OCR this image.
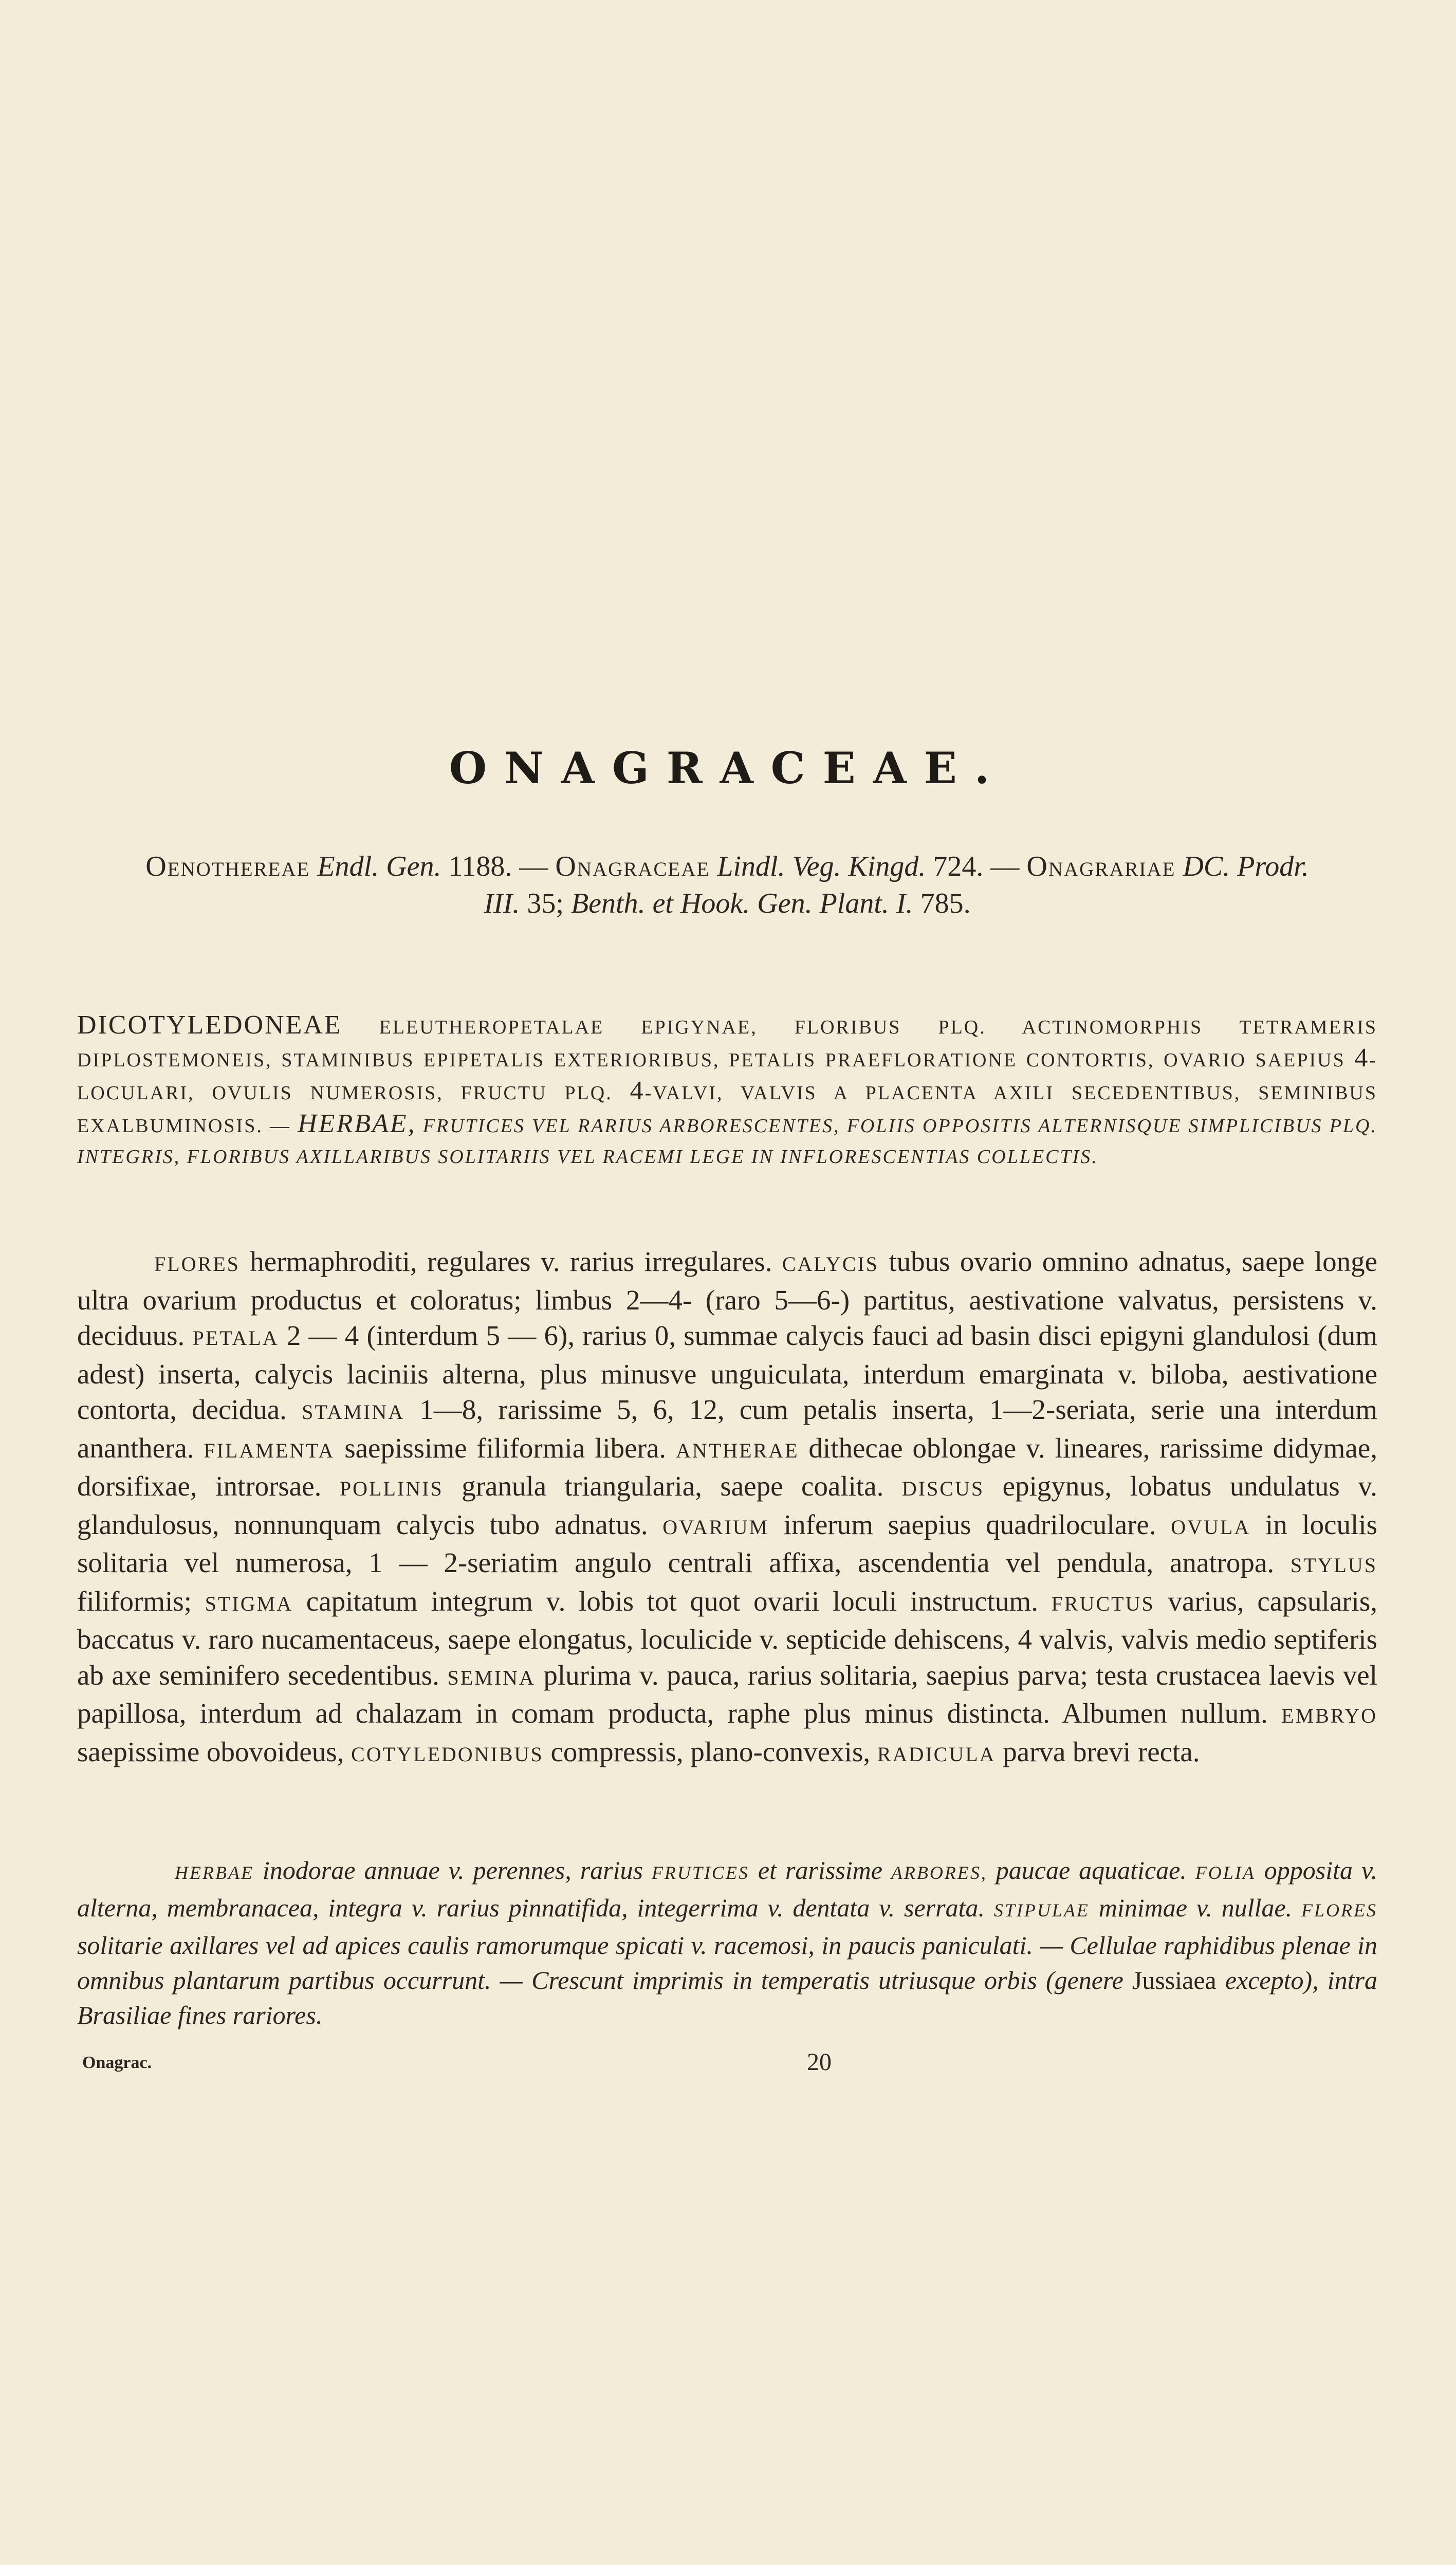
ONAGRACEAE.
Oenothereae Endl. Gen. 1188. — Onagraceae Lindl. Veg. Kingd. 724. — Onagrariae DC. Prodr.
III. 35; Benth. et Hook. Gen. Plant. I. 785.
DICOTYLEDONEAE ELEUTHEROPETALAE EPIGYNAE, FLORIBUS PLQ. ACTINOMORPHIS TETRAMERIS DIPLOSTEMONEIS, STAMINIBUS EPIPETALIS EXTERIORIBUS, PETALIS PRAEFLORATIONE CONTORTIS, OVARIO SAEPIUS 4-LOCULARI, OVULIS NUMEROSIS, FRUCTU PLQ. 4-VALVI, VALVIS A PLACENTA AXILI SECEDENTIBUS, SEMINIBUS EXALBUMINOSIS. — HERBAE, FRUTICES VEL RARIUS ARBORESCENTES, FOLIIS OPPOSITIS ALTERNISQUE SIMPLICIBUS PLQ. INTEGRIS, FLORIBUS AXILLARIBUS SOLITARIIS VEL RACEMI LEGE IN INFLORESCENTIAS COLLECTIS.
FLORES hermaphroditi, regulares v. rarius irregulares. CALYCIS tubus ovario omnino adnatus, saepe longe ultra ovarium productus et coloratus; limbus 2—4- (raro 5—6-) partitus, aestivatione valvatus, persistens v. deciduus. PETALA 2 — 4 (interdum 5 — 6), rarius 0, summae calycis fauci ad basin disci epigyni glandulosi (dum adest) inserta, calycis laciniis alterna, plus minusve unguiculata, interdum emarginata v. biloba, aestivatione contorta, decidua. STAMINA 1—8, rarissime 5, 6, 12, cum petalis inserta, 1—2-seriata, serie una interdum ananthera. FILAMENTA saepissime filiformia libera. ANTHERAE dithecae oblongae v. lineares, rarissime didymae, dorsifixae, introrsae. POLLINIS granula triangularia, saepe coalita. DISCUS epigynus, lobatus undulatus v. glandulosus, nonnunquam calycis tubo adnatus. OVARIUM inferum saepius quadriloculare. OVULA in loculis solitaria vel numerosa, 1 — 2-seriatim angulo centrali affixa, ascendentia vel pendula, anatropa. STYLUS filiformis; STIGMA capitatum integrum v. lobis tot quot ovarii loculi instructum. FRUCTUS varius, capsularis, baccatus v. raro nucamentaceus, saepe elongatus, loculicide v. septicide dehiscens, 4 valvis, valvis medio septiferis ab axe seminifero secedentibus. SEMINA plurima v. pauca, rarius solitaria, saepius parva; testa crustacea laevis vel papillosa, interdum ad chalazam in comam producta, raphe plus minus distincta. Albumen nullum. EMBRYO saepissime obovoideus, COTYLEDONIBUS compressis, plano-convexis, RADICULA parva brevi recta.
HERBAE inodorae annuae v. perennes, rarius FRUTICES et rarissime ARBORES, paucae aquaticae. FOLIA opposita v. alterna, membranacea, integra v. rarius pinnatifida, integerrima v. dentata v. serrata. STIPULAE minimae v. nullae. FLORES solitarie axillares vel ad apices caulis ramorumque spicati v. racemosi, in paucis paniculati. — Cellulae raphidibus plenae in omnibus plantarum partibus occurrunt. — Crescunt imprimis in temperatis utriusque orbis (genere Jussiaea excepto), intra Brasiliae fines rariores.
Onagrac.	20
